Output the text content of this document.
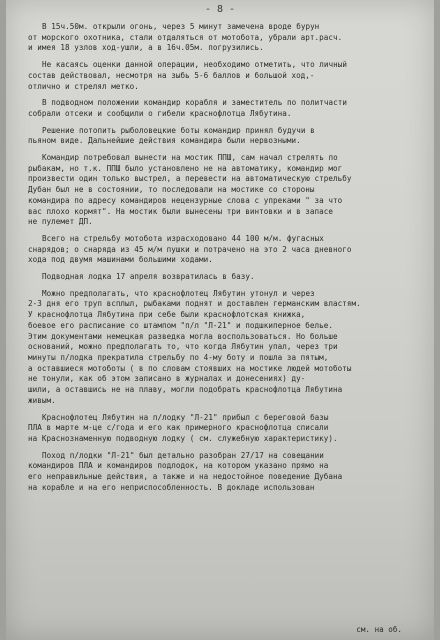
- 8 -
В 15ч.50м. открыли огонь, через 5 минут замечена вроде бурун
от морского охотника, стали отдаляться от мотобота, убрали арт.расч.
и имея 18 узлов ход-ушли, а в 16ч.05м. погрузились.
Не касаясь оценки данной операции, необходимо отметить, что личный
состав действовал, несмотря на зыбь 5-6 баллов и большой ход,-
отлично и стрелял метко.
В подводном положении командир корабля и заместитель по политчасти
собрали отсеки и сообщили о гибели краснофлотца Лябутина.
Решение потопить рыболовецкие боты командир принял будучи в
пьяном виде. Дальнейшие действия командира были нервозными.
Командир потребовал вынести на мостик ППШ, сам начал стрелять по
рыбакам, но т.к. ППШ было установлено не на автоматику, командир мог
произвести один только выстрел, а перевести на автоматическую стрельбу
Дубан был не в состоянии, то последовали на мостике со стороны
командира по адресу командиров нецензурные слова с упреками " за что
вас плохо кормят". На мостик были вынесены три винтовки и в запасе
не пулемет ДП.
Всего на стрельбу мотобота израсходовано 44 100 м/м. фугасных
снарядов; о снаряда из 45 м/м пушки и потрачено на это 2 часа дневного
хода под двумя машинами большими ходами.
Подводная лодка 17 апреля возвратилась в базу.
Можно предполагать, что краснофлотец Лябутин утонул и через
2-3 дня его труп всплыл, рыбаками поднят и доставлен германским властям.
У краснофлотца Лябутина при себе были краснофлотская книжка,
боевое его расписание со штампом "п/л "Л-21" и подшкиперное белье.
Этим документами немецкая разведка могла воспользоваться. Но больше
оснований, можно предполагать то, что когда Лябутин упал, через три
минуты п/лодка прекратила стрельбу по 4-му боту и пошла за пятым,
а оставшиеся мотоботы ( в по словам стоявших на мостике людей мотоботы
не тонули, как об этом записано в журналах и донесениях) ду-
шили, а оставшись не на плаву, могли подобрать краснофлотца Лябутина
живым.
Краснофлотец Лябутин на п/лодку "Л-21" прибыл с береговой базы
ПЛА в марте м-це с/года и его как примерного краснофлотца списали
на Краснознаменную подводную лодку ( см. служебную характеристику).
Поход п/лодки "Л-21" был детально разобран 27/17 на совещании
командиров ПЛА и командиров подлодок, на котором указано прямо на
его неправильные действия, а также и на недостойное поведение Дубана
на корабле и на его неприспособленность. В докладе использован
см. на об.
